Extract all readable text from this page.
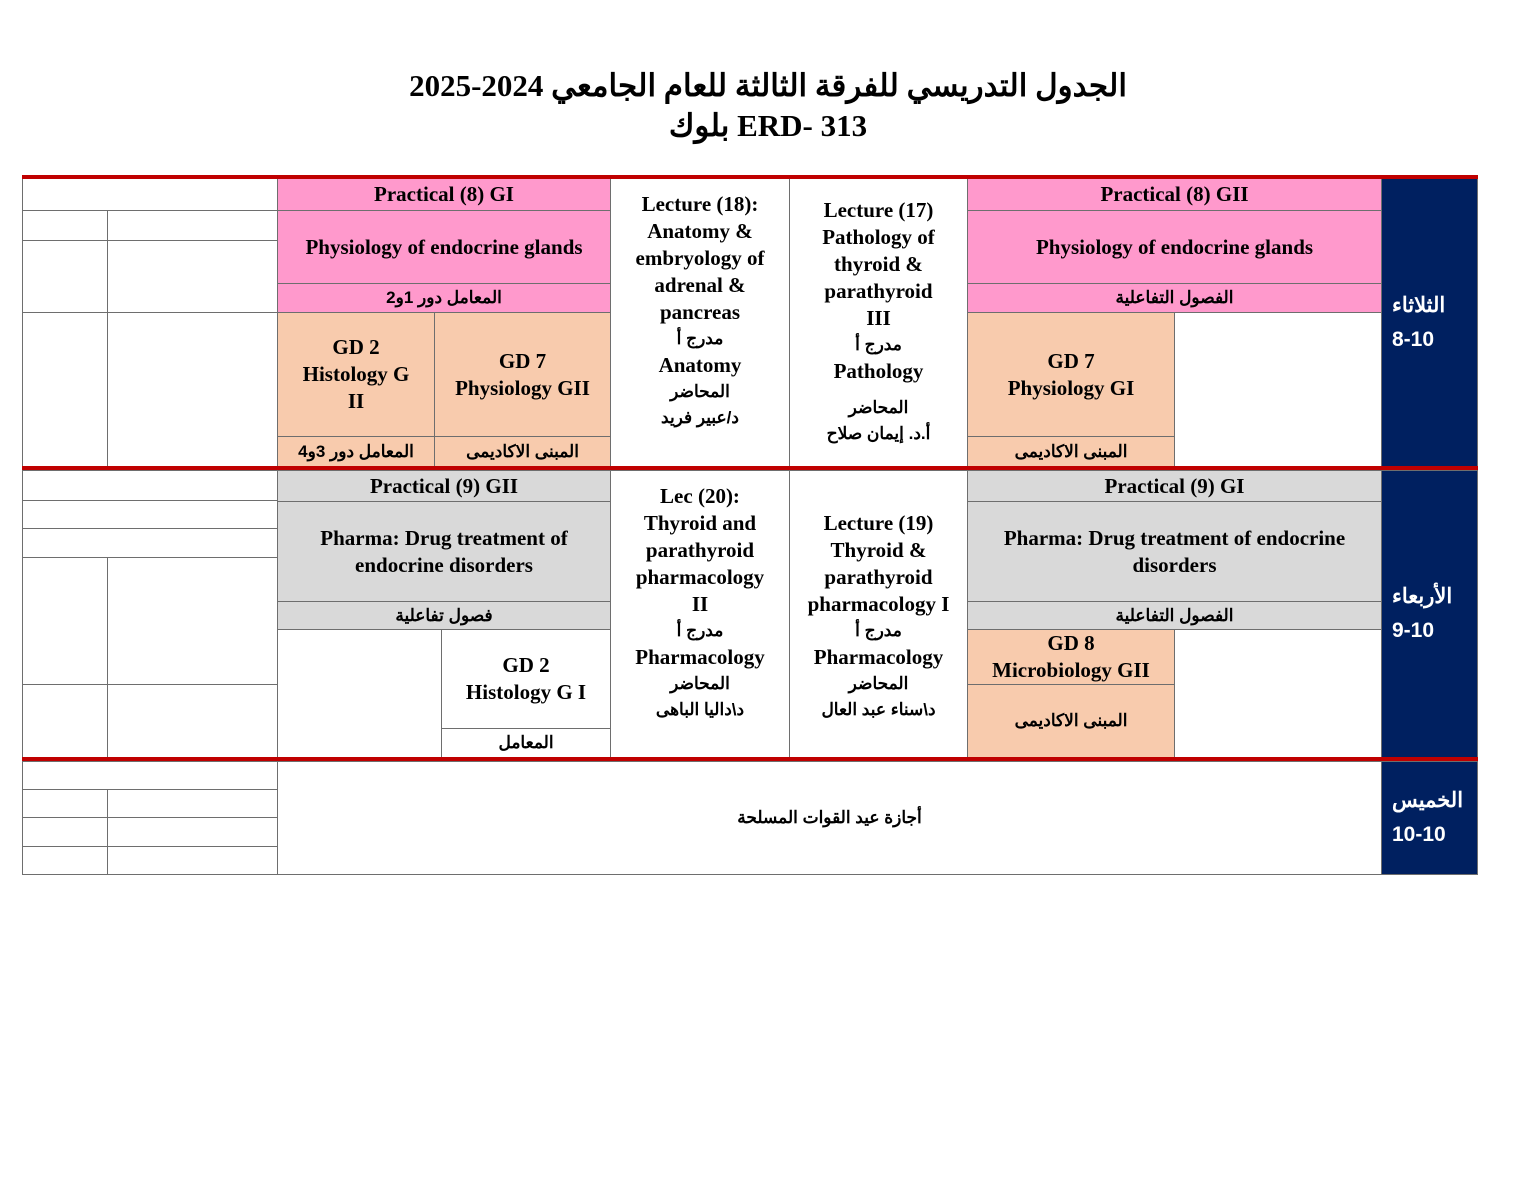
الجدول التدريسي للفرقة الثالثة للعام الجامعي 2024-2025
ERD- 313 بلوك
Practical (8) GI
Physiology of endocrine glands
المعامل دور 1و2
GD 2
Histology G
II
GD 7
Physiology GII
المعامل دور 3و4	المبنى الاكاديمى
Lecture (18):
Anatomy &
embryology of
adrenal &
pancreas

مدرج أ
Anatomy
المحاضر
د/عبير فريد
Lecture (17)
Pathology of
thyroid &
parathyroid
III
مدرج أ
Pathology
المحاضر
أ.د. إيمان صلاح
Practical (8) GII
Physiology of endocrine glands
الفصول التفاعلية
GD 7
Physiology GI
المبنى الاكاديمى
الثلاثاء
8-10
Practical (9) GII
Pharma: Drug treatment of
endocrine disorders
فصول تفاعلية
GD 2
Histology G I
المعامل
Lec (20):
Thyroid and
parathyroid
pharmacology
II
مدرج أ
Pharmacology
المحاضر
د\داليا الباهى
Lecture (19)
Thyroid &
parathyroid
pharmacology I
مدرج أ
Pharmacology
المحاضر
د\سناء عبد العال
Practical (9) GI
Pharma: Drug treatment of endocrine
disorders
الفصول التفاعلية
GD 8
Microbiology GII
المبنى الاكاديمى
الأربعاء
9-10
أجازة عيد القوات المسلحة
الخميس
10-10
